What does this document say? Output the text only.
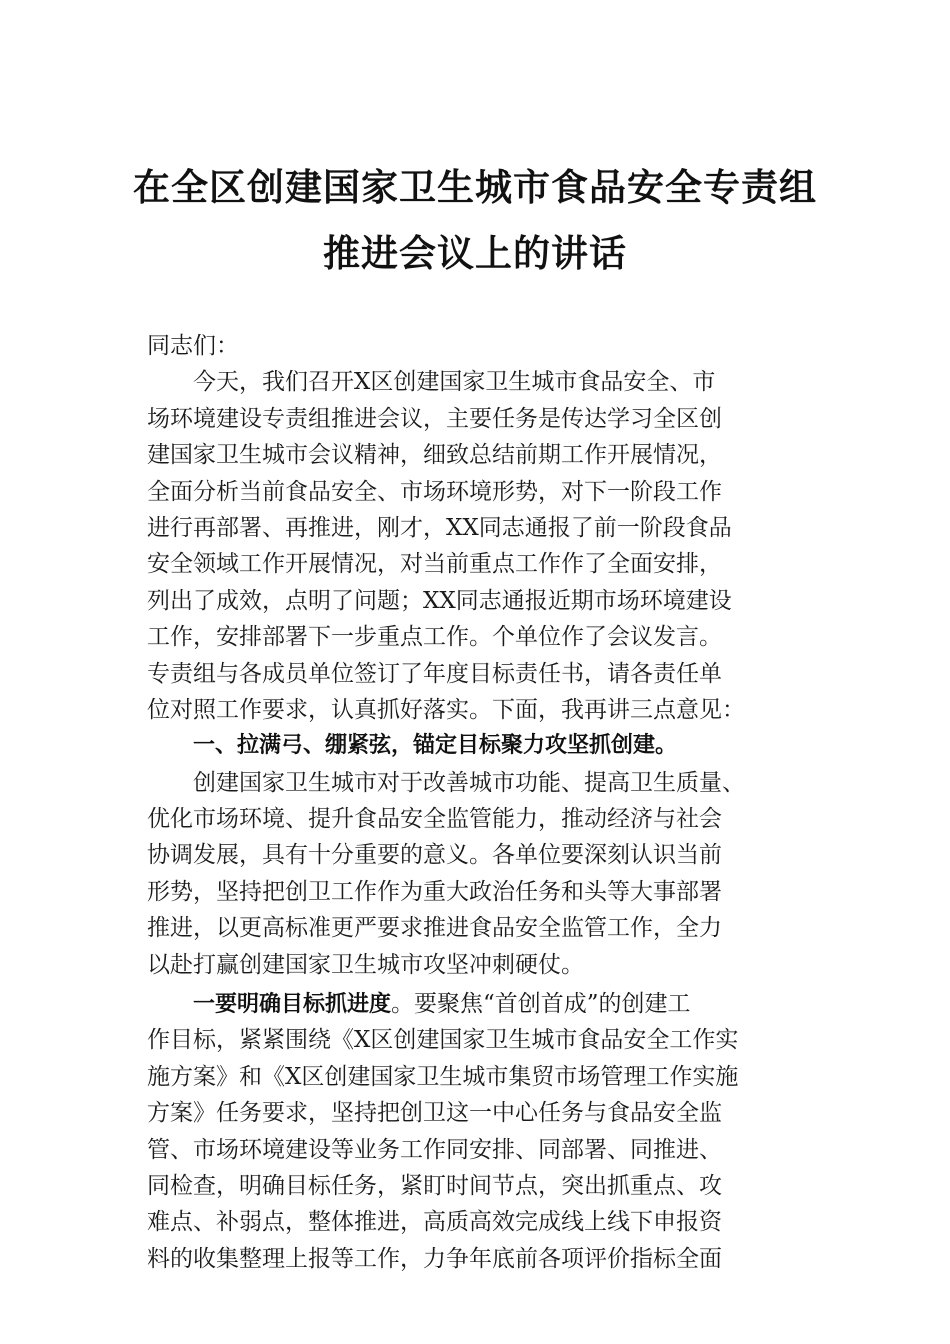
在全区创建国家卫生城市食品安全专责组
推进会议上的讲话
同志们：
今天，我们召开X区创建国家卫生城市食品安全、市
场环境建设专责组推进会议，主要任务是传达学习全区创
建国家卫生城市会议精神，细致总结前期工作开展情况，
全面分析当前食品安全、市场环境形势，对下一阶段工作
进行再部署、再推进，刚才，XX同志通报了前一阶段食品
安全领域工作开展情况，对当前重点工作作了全面安排，
列出了成效，点明了问题；XX同志通报近期市场环境建设
工作，安排部署下一步重点工作。个单位作了会议发言。
专责组与各成员单位签订了年度目标责任书，请各责任单
位对照工作要求，认真抓好落实。下面，我再讲三点意见：
一、拉满弓、绷紧弦，锚定目标聚力攻坚抓创建。
创建国家卫生城市对于改善城市功能、提高卫生质量、
优化市场环境、提升食品安全监管能力，推动经济与社会
协调发展，具有十分重要的意义。各单位要深刻认识当前
形势，坚持把创卫工作作为重大政治任务和头等大事部署
推进，以更高标准更严要求推进食品安全监管工作，全力
以赴打赢创建国家卫生城市攻坚冲刺硬仗。
一要明确目标抓进度。要聚焦“首创首成”的创建工
作目标，紧紧围绕《X区创建国家卫生城市食品安全工作实
施方案》和《X区创建国家卫生城市集贸市场管理工作实施
方案》任务要求，坚持把创卫这一中心任务与食品安全监
管、市场环境建设等业务工作同安排、同部署、同推进、
同检查，明确目标任务，紧盯时间节点，突出抓重点、攻
难点、补弱点，整体推进，高质高效完成线上线下申报资
料的收集整理上报等工作，力争年底前各项评价指标全面
